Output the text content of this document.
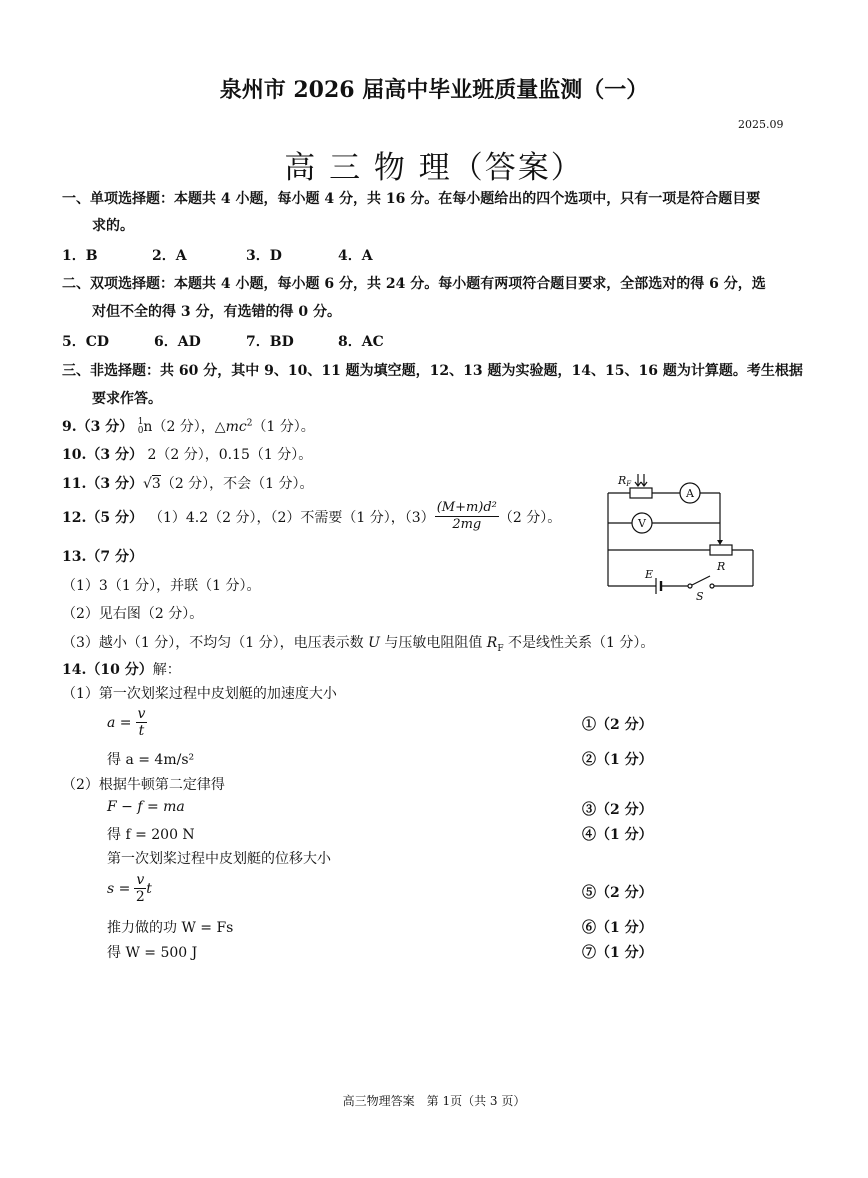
泉州市 2026 届高中毕业班质量监测（一）
2025.09
高 三 物 理（答案）
一、单项选择题：本题共 4 小题，每小题 4 分，共 16 分。在每小题给出的四个选项中，只有一项是符合题目要
求的。
1．B	2．A	3．D	4．A
二、双项选择题：本题共 4 小题，每小题 6 分，共 24 分。每小题有两项符合题目要求，全部选对的得 6 分，选
对但不全的得 3 分，有选错的得 0 分。
5．CD	6．AD	7．BD	8．AC
三、非选择题：共 60 分，其中 9、10、11 题为填空题，12、13 题为实验题，14、15、16 题为计算题。考生根据
要求作答。
9.（3 分） 1
0 n（2 分），$\triangle mc^2(1$ 分）。
10.（3 分） 2（2 分），0.15（1 分）。
11.（3 分）√3（2 分），不会（1 分）。
12.（5 分） （1）4.2（2 分），（2）不需要（1 分），$(3) \frac{\text{(M+m)d²}}{2mg} (2$ 分）。
13.（7 分）
（1）3（1 分），并联（1 分）。
（2）见右图（2 分）。
（3）越小（1 分），不均匀（1 分），电压表示数 U 与压敏电阻阻值 $R_F$ 不是线性关系（1 分）。
RF
A
V
R
E
S
14.（10 分）解：
（1）第一次划桨过程中皮划艇的加速度大小
$a = \frac{v}{t}$	①（2 分）
得 a = 4m/s²	②（1 分）
（2）根据牛顿第二定律得
F − f = ma	③（2 分）
得 f = 200 N	④（1 分）
第一次划桨过程中皮划艇的位移大小
$s = \frac{v}{2}$ t	⑤（2 分）
推力做的功 W = Fs	⑥（1 分）
得 W = 500 J	⑦（1 分）
高三物理答案　第 1页（共 3 页）
